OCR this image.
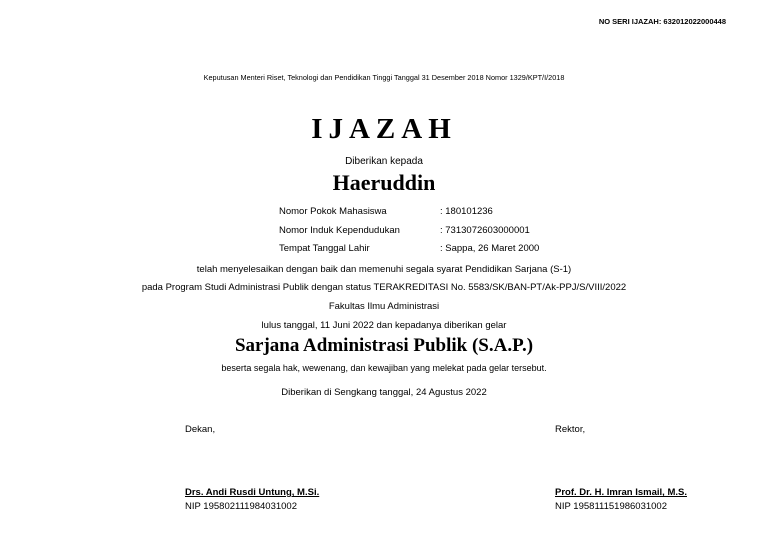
NO SERI IJAZAH: 632012022000448
Keputusan Menteri Riset, Teknologi dan Pendidikan Tinggi Tanggal 31 Desember 2018 Nomor 1329/KPT/I/2018
IJAZAH
Diberikan kepada
Haeruddin
Nomor Pokok Mahasiswa	: 180101236
Nomor Induk Kependudukan	: 7313072603000001
Tempat Tanggal Lahir	: Sappa, 26 Maret 2000
telah menyelesaikan dengan baik dan memenuhi segala syarat Pendidikan Sarjana (S-1)
pada Program Studi Administrasi Publik dengan status TERAKREDITASI No. 5583/SK/BAN-PT/Ak-PPJ/S/VIII/2022
Fakultas Ilmu Administrasi
lulus tanggal, 11 Juni 2022 dan kepadanya diberikan gelar
Sarjana Administrasi Publik (S.A.P.)
beserta segala hak, wewenang, dan kewajiban yang melekat pada gelar tersebut.
Diberikan di Sengkang tanggal, 24 Agustus 2022
Dekan,	Rektor,
Drs. Andi Rusdi Untung, M.Si.
NIP 195802111984031002
Prof. Dr. H. Imran Ismail, M.S.
NIP 195811151986031002
